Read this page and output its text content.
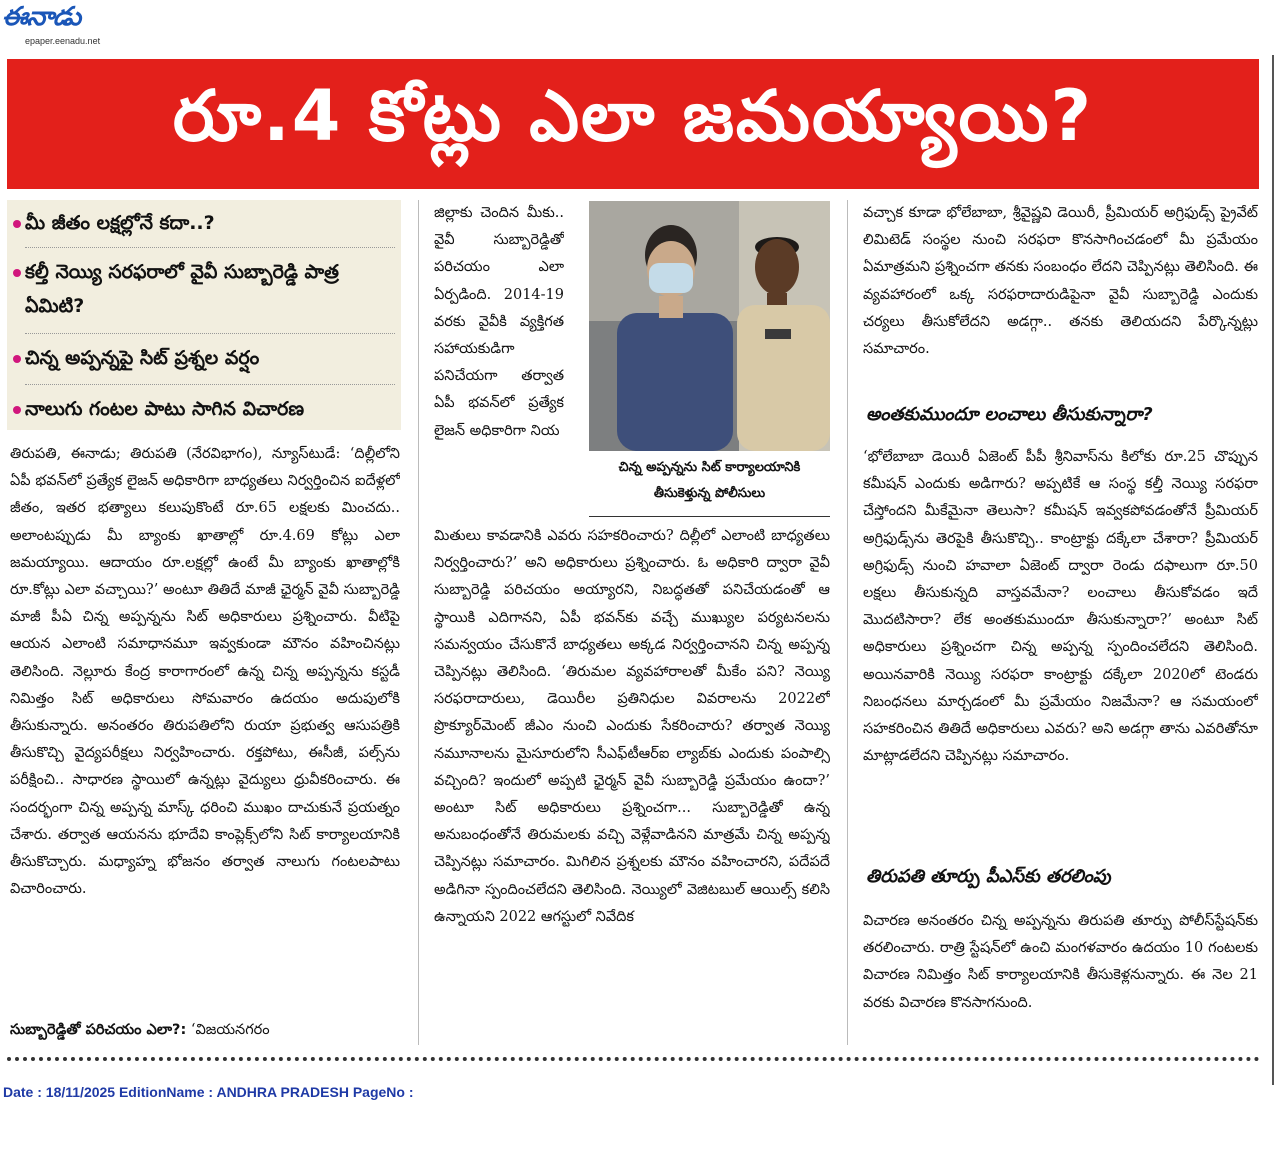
ఈనాడు
epaper.eenadu.net
రూ.4 కోట్లు ఎలా జమయ్యాయి?
మీ జీతం లక్షల్లోనే కదా..?
కల్తీ నెయ్యి సరఫరాలో వైవీ సుబ్బారెడ్డి పాత్ర ఏమిటి?
చిన్న అప్పన్నపై సిట్ ప్రశ్నల వర్షం
నాలుగు గంటల పాటు సాగిన విచారణ
తిరుపతి, ఈనాడు; తిరుపతి (నేరవిభాగం), న్యూస్‌టుడే: ‘దిల్లీలోని ఏపీ భవన్‌లో ప్రత్యేక లైజన్ అధికారిగా బాధ్యతలు నిర్వర్తించిన ఐదేళ్లలో జీతం, ఇతర భత్యాలు కలుపుకొంటే రూ.65 లక్షలకు మించదు.. అలాంటప్పుడు మీ బ్యాంకు ఖాతాల్లో రూ.4.69 కోట్లు ఎలా జమయ్యాయి. ఆదాయం రూ.లక్షల్లో ఉంటే మీ బ్యాంకు ఖాతాల్లోకి రూ.కోట్లు ఎలా వచ్చాయి?’ అంటూ తితిదే మాజీ ఛైర్మన్ వైవీ సుబ్బారెడ్డి మాజీ పీఏ చిన్న అప్పన్నను సిట్ అధికారులు ప్రశ్నించారు. వీటిపై ఆయన ఎలాంటి సమాధానమూ ఇవ్వకుండా మౌనం వహించినట్లు తెలిసింది. నెల్లూరు కేంద్ర కారాగారంలో ఉన్న చిన్న అప్పన్నను కస్టడీ నిమిత్తం సిట్ అధికారులు సోమవారం ఉదయం అదుపులోకి తీసుకున్నారు. అనంతరం తిరుపతిలోని రుయా ప్రభుత్వ ఆసుపత్రికి తీసుకొచ్చి వైద్యపరీక్షలు నిర్వహించారు. రక్తపోటు, ఈసీజీ, పల్స్‌ను పరీక్షించి.. సాధారణ స్థాయిలో ఉన్నట్లు వైద్యులు ధ్రువీకరించారు. ఈ సందర్భంగా చిన్న అప్పన్న మాస్క్ ధరించి ముఖం దాచుకునే ప్రయత్నం చేశారు. తర్వాత ఆయనను భూదేవి కాంప్లెక్స్‌లోని సిట్ కార్యాలయానికి తీసుకొచ్చారు. మధ్యాహ్న భోజనం తర్వాత నాలుగు గంటలపాటు విచారించారు.
సుబ్బారెడ్డితో పరిచయం ఎలా?: ‘విజయనగరం
జిల్లాకు చెందిన మీకు.. వైవీ సుబ్బారెడ్డితో పరిచయం ఎలా ఏర్పడింది. 2014-19 వరకు వైవీకి వ్యక్తిగత సహాయకుడిగా పనిచేయగా తర్వాత ఏపీ భవన్‌లో ప్రత్యేక లైజన్ అధికారిగా నియ
చిన్న అప్పన్నను సిట్ కార్యాలయానికి తీసుకెళ్తున్న పోలీసులు
మితులు కావడానికి ఎవరు సహకరించారు? దిల్లీలో ఎలాంటి బాధ్యతలు నిర్వర్తించారు?’ అని అధికారులు ప్రశ్నించారు. ఓ అధికారి ద్వారా వైవీ సుబ్బారెడ్డి పరిచయం అయ్యారని, నిబద్ధతతో పనిచేయడంతో ఆ స్థాయికి ఎదిగానని, ఏపీ భవన్‌కు వచ్చే ముఖ్యుల పర్యటనలను సమన్వయం చేసుకొనే బాధ్యతలు అక్కడ నిర్వర్తించానని చిన్న అప్పన్న చెప్పినట్లు తెలిసింది. ‘తిరుమల వ్యవహారాలతో మీకేం పని? నెయ్యి సరఫరాదారులు, డెయిరీల ప్రతినిధుల వివరాలను 2022లో ప్రొక్యూర్‌మెంట్ జీఎం నుంచి ఎందుకు సేకరించారు? తర్వాత నెయ్యి నమూనాలను మైసూరులోని సీఎఫ్‌టీఆర్‌ఐ ల్యాబ్‌కు ఎందుకు పంపాల్సి వచ్చింది? ఇందులో అప్పటి ఛైర్మన్ వైవీ సుబ్బారెడ్డి ప్రమేయం ఉందా?’ అంటూ సిట్ అధికారులు ప్రశ్నించగా... సుబ్బారెడ్డితో ఉన్న అనుబంధంతోనే తిరుమలకు వచ్చి వెళ్లేవాడినని మాత్రమే చిన్న అప్పన్న చెప్పినట్లు సమాచారం. మిగిలిన ప్రశ్నలకు మౌనం వహించారని, పదేపదే అడిగినా స్పందించలేదని తెలిసింది. నెయ్యిలో వెజిటబుల్ ఆయిల్స్ కలిసి ఉన్నాయని 2022 ఆగస్టులో నివేదిక
వచ్చాక కూడా భోలేబాబా, శ్రీవైష్ణవి డెయిరీ, ప్రీమియర్ అగ్రిఫుడ్స్ ప్రైవేట్ లిమిటెడ్ సంస్థల నుంచి సరఫరా కొనసాగించడంలో మీ ప్రమేయం ఏమాత్రమని ప్రశ్నించగా తనకు సంబంధం లేదని చెప్పినట్లు తెలిసింది. ఈ వ్యవహారంలో ఒక్క సరఫరాదారుడిపైనా వైవీ సుబ్బారెడ్డి ఎందుకు చర్యలు తీసుకోలేదని అడగ్గా.. తనకు తెలియదని పేర్కొన్నట్లు సమాచారం.
అంతకుముందూ లంచాలు తీసుకున్నారా?
‘భోలేబాబా డెయిరీ ఏజెంట్ పీపీ శ్రీనివాస్‌ను కిలోకు రూ.25 చొప్పున కమీషన్ ఎందుకు అడిగారు? అప్పటికే ఆ సంస్థ కల్తీ నెయ్యి సరఫరా చేస్తోందని మీకేమైనా తెలుసా? కమీషన్ ఇవ్వకపోవడంతోనే ప్రీమియర్ అగ్రిఫుడ్స్‌ను తెరపైకి తీసుకొచ్చి.. కాంట్రాక్టు దక్కేలా చేశారా? ప్రీమియర్ అగ్రిఫుడ్స్ నుంచి హవాలా ఏజెంట్ ద్వారా రెండు దఫాలుగా రూ.50 లక్షలు తీసుకున్నది వాస్తవమేనా? లంచాలు తీసుకోవడం ఇదే మొదటిసారా? లేక అంతకుముందూ తీసుకున్నారా?’ అంటూ సిట్ అధికారులు ప్రశ్నించగా చిన్న అప్పన్న స్పందించలేదని తెలిసింది. అయినవారికి నెయ్యి సరఫరా కాంట్రాక్టు దక్కేలా 2020లో టెండరు నిబంధనలు మార్చడంలో మీ ప్రమేయం నిజమేనా? ఆ సమయంలో సహకరించిన తితిదే అధికారులు ఎవరు? అని అడగ్గా తాను ఎవరితోనూ మాట్లాడలేదని చెప్పినట్లు సమాచారం.
తిరుపతి తూర్పు పీఎస్‌కు తరలింపు
విచారణ అనంతరం చిన్న అప్పన్నను తిరుపతి తూర్పు పోలీస్‌స్టేషన్‌కు తరలించారు. రాత్రి స్టేషన్‌లో ఉంచి మంగళవారం ఉదయం 10 గంటలకు విచారణ నిమిత్తం సిట్ కార్యాలయానికి తీసుకెళ్లనున్నారు. ఈ నెల 21 వరకు విచారణ కొనసాగనుంది.
Date : 18/11/2025 EditionName : ANDHRA PRADESH PageNo :
